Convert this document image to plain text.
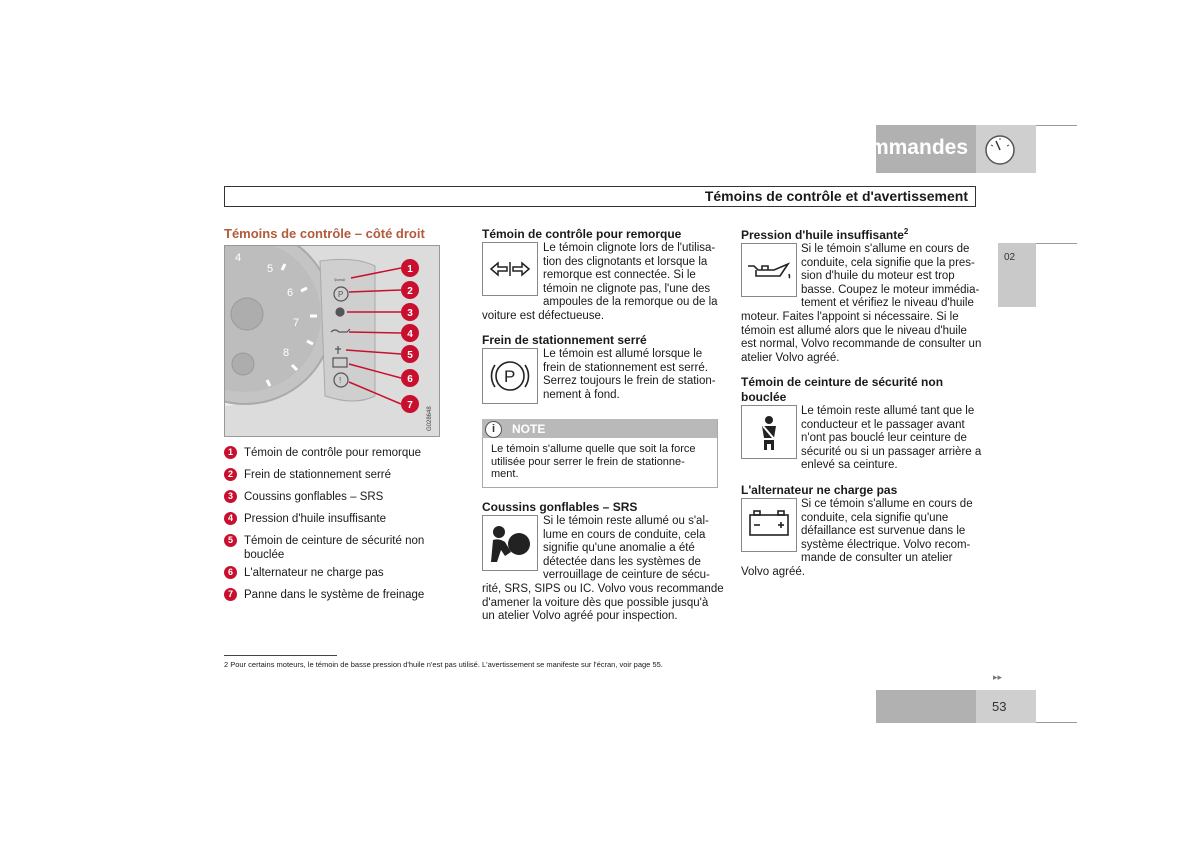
02 Instruments et commandes
Témoins de contrôle et d'avertissement
02
Témoins de contrôle – côté droit
4
5
6
7
8
⇦⇨
P
!
1
2
3
4
5
6
7
G028648
1 Témoin de contrôle pour remorque
2 Frein de stationnement serré
3 Coussins gonflables – SRS
4 Pression d'huile insuffisante
5 Témoin de ceinture de sécurité non bouclée
6 L'alternateur ne charge pas
7 Panne dans le système de freinage
Témoin de contrôle pour remorque
Le témoin clignote lors de l'utilisa-
tion des clignotants et lorsque la
remorque est connectée. Si le
témoin ne clignote pas, l'une des
ampoules de la remorque ou de la
voiture est défectueuse.
Frein de stationnement serré
P
Le témoin est allumé lorsque le
frein de stationnement est serré.
Serrez toujours le frein de station-
nement à fond.
i	NOTE
Le témoin s'allume quelle que soit la force
utilisée pour serrer le frein de stationne-
ment.
Coussins gonflables – SRS
Si le témoin reste allumé ou s'al-
lume en cours de conduite, cela
signifie qu'une anomalie a été
détectée dans les systèmes de
verrouillage de ceinture de sécu-
rité, SRS, SIPS ou IC. Volvo vous recommande
d'amener la voiture dès que possible jusqu'à
un atelier Volvo agréé pour inspection.
Pression d'huile insuffisante$^2$
Si le témoin s'allume en cours de
conduite, cela signifie que la pres-
sion d'huile du moteur est trop
basse. Coupez le moteur immédia-
tement et vérifiez le niveau d'huile
moteur. Faites l'appoint si nécessaire. Si le
témoin est allumé alors que le niveau d'huile
est normal, Volvo recommande de consulter un
atelier Volvo agréé.
Témoin de ceinture de sécurité non
bouclée
Le témoin reste allumé tant que le
conducteur et le passager avant
n'ont pas bouclé leur ceinture de
sécurité ou si un passager arrière a
enlevé sa ceinture.
L'alternateur ne charge pas
Si ce témoin s'allume en cours de
conduite, cela signifie qu'une
défaillance est survenue dans le
système électrique. Volvo recom-
mande de consulter un atelier
Volvo agréé.
2 Pour certains moteurs, le témoin de basse pression d'huile n'est pas utilisé. L'avertissement se manifeste sur l'écran, voir page 55.
▸▸
53
